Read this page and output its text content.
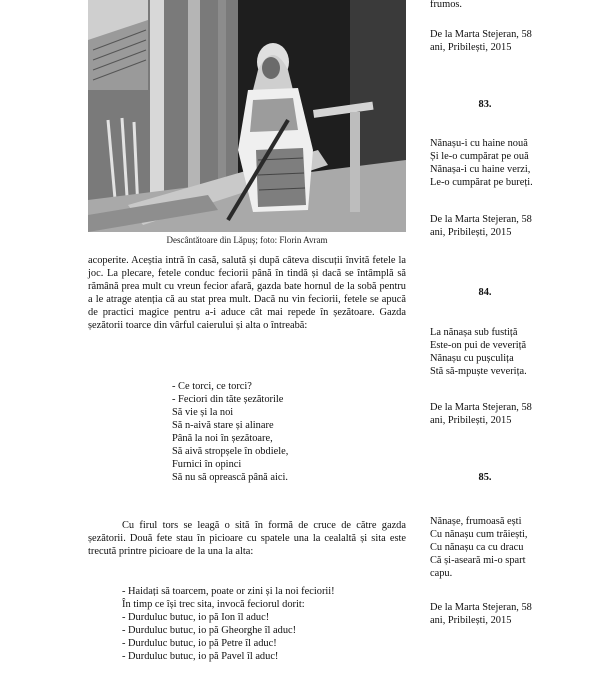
Descântătoare din Lăpuș; foto: Florin Avram

acoperite. Aceștia intră în casă, salută și după câteva discuții învită fetele la joc. La plecare, fetele conduc feciorii până în tindă și dacă se întâmplă să rămână prea mult cu vreun fecior afară, gazda bate hornul de la sobă pentru a le atrage atenția că au stat prea mult. Dacă nu vin feciorii, fetele se apucă de practici magice pentru a-i aduce cât mai repede în șezătoare. Gazda șezătorii toarce din vârful caierului și alta o întreabă:

- Ce torci, ce torci?
- Feciori din tăte șezătorile
Să vie și la noi
Să n-aivă stare și alinare
Până la noi în șezătoare,
Să aivă stropșele în obdiele,
Furnici în opinci
Să nu să oprească până aici.

Cu firul tors se leagă o sită în formă de cruce de către gazda șezătorii. Două fete stau în picioare cu spatele una la cealaltă și sita este trecută printre picioare de la una la alta:

- Haidați să toarcem, poate or zini și la noi feciorii!
În timp ce își trec sita, invocă feciorul dorit:
- Durduluc butuc, io pă Ion îl aduc!
- Durduluc butuc, io pă Gheorghe îl aduc!
- Durduluc butuc, io pă Petre îl aduc!
- Durduluc butuc, io pă Pavel îl aduc!
frumos.
De la Marta Stejeran, 58
ani, Pribilești, 2015
83.
Nănașu-i cu haine nouă
Și le-o cumpărat pe ouă
Nănașa-i cu haine verzi,
Le-o cumpărat pe bureți.
De la Marta Stejeran, 58
ani, Pribilești, 2015
84.
La nănașa sub fustiță
Este-on pui de veveriță
Nănașu cu pușculița
Stă să-mpuște veverița.
De la Marta Stejeran, 58
ani, Pribilești, 2015
85.
Nănașe, frumoasă ești
Cu nănașu cum trăiești,
Cu nănașu ca cu dracu
Că și-aseară mi-o spart
capu.
De la Marta Stejeran, 58
ani, Pribilești, 2015
